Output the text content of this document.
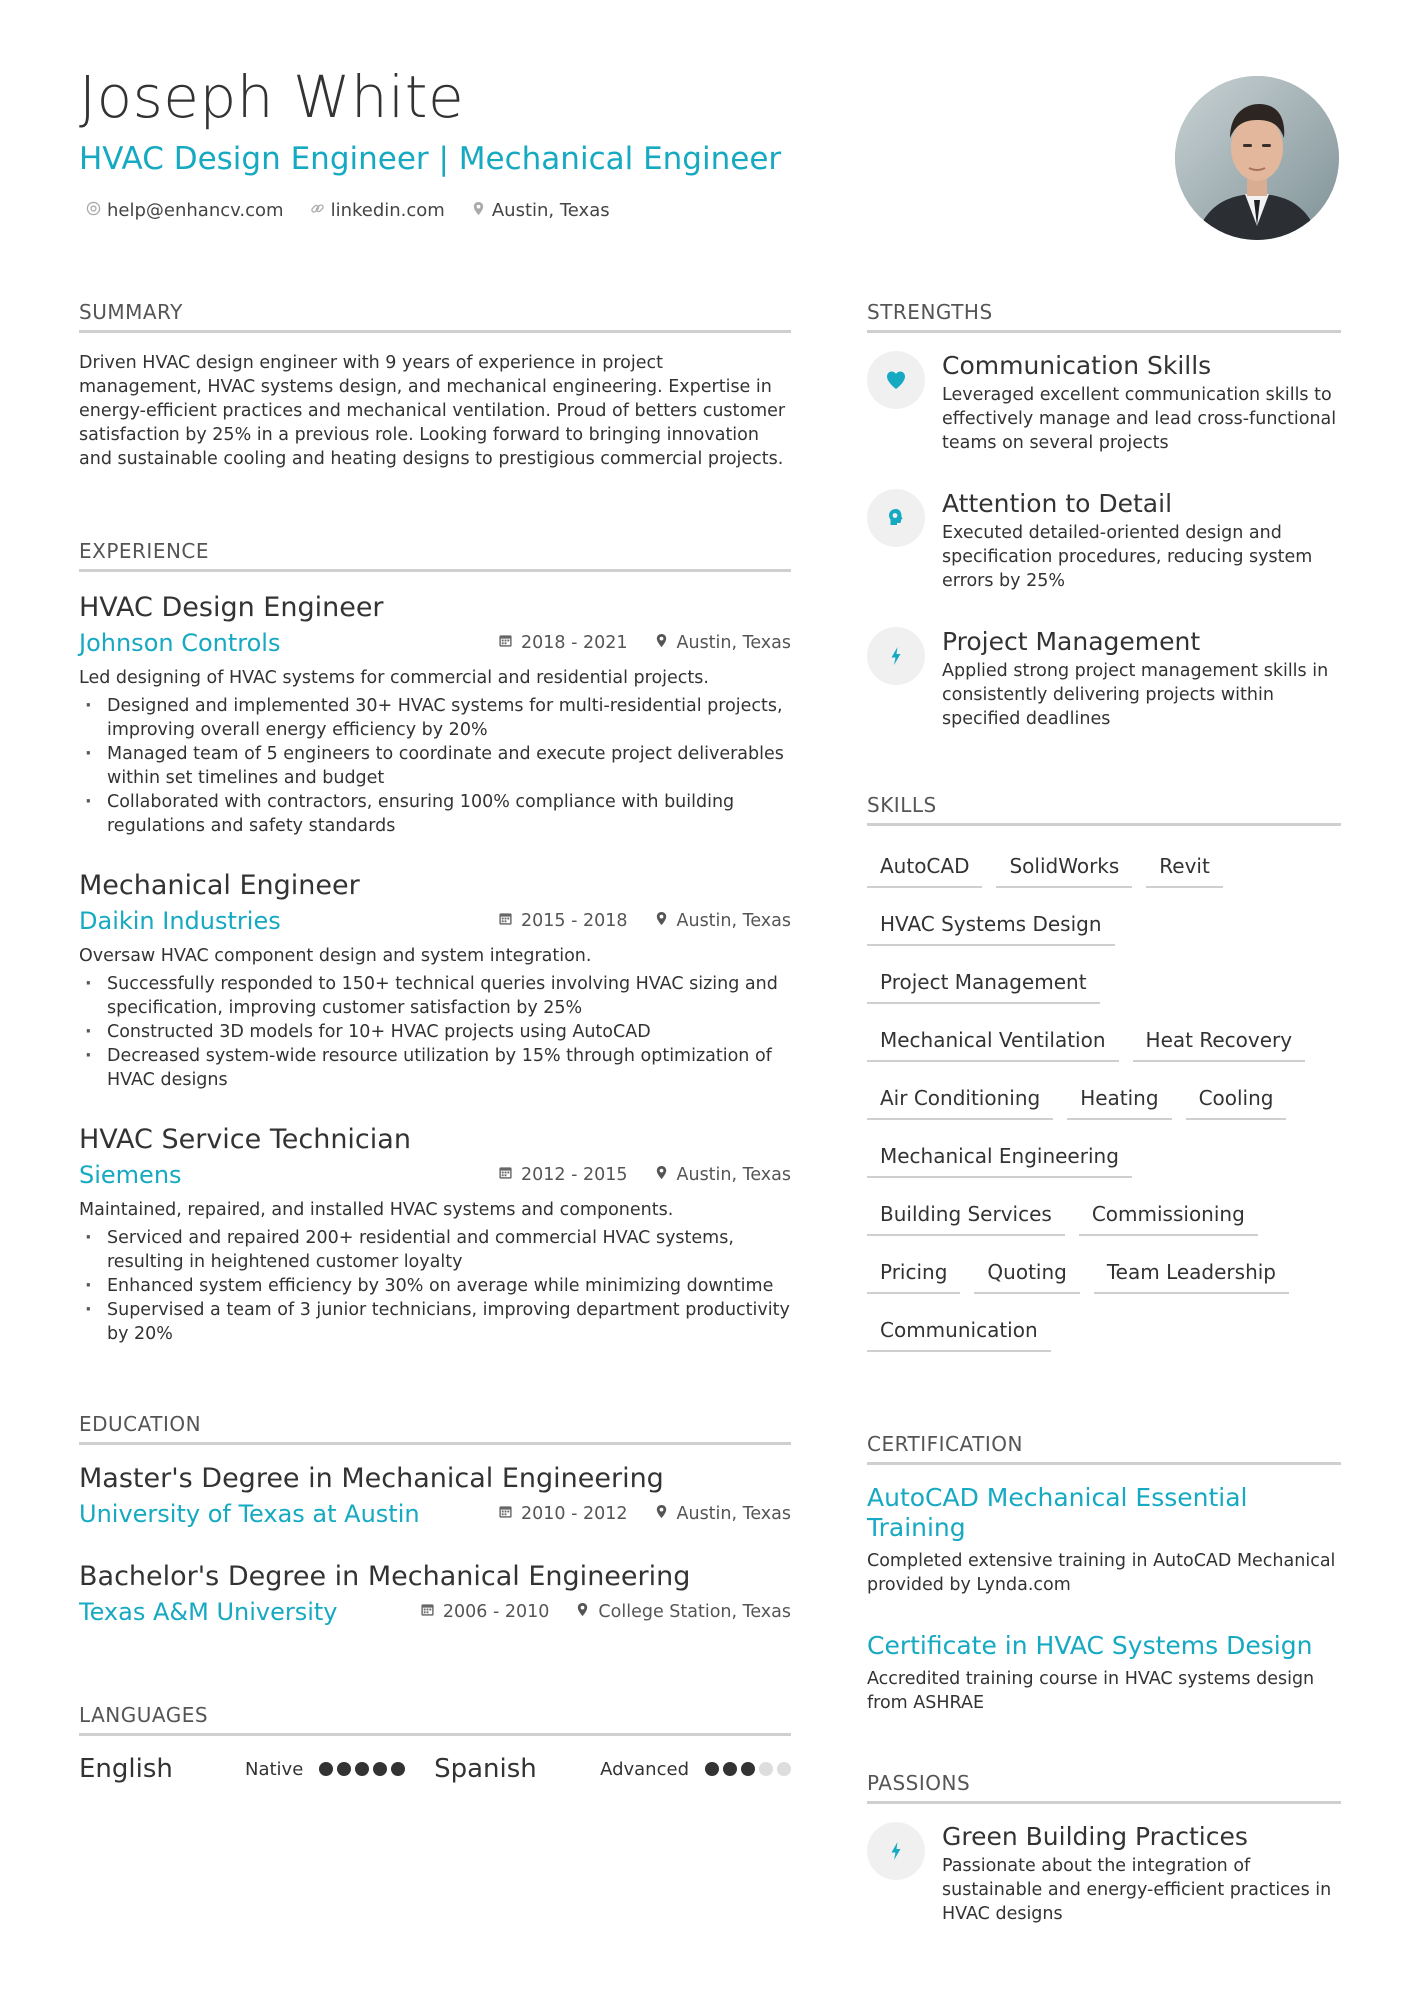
Joseph White
HVAC Design Engineer | Mechanical Engineer
help@enhancv.com	linkedin.com	Austin, Texas
SUMMARY
Driven HVAC design engineer with 9 years of experience in project management, HVAC systems design, and mechanical engineering. Expertise in energy-efficient practices and mechanical ventilation. Proud of betters customer satisfaction by 25% in a previous role. Looking forward to bringing innovation and sustainable cooling and heating designs to prestigious commercial projects.
EXPERIENCE
HVAC Design Engineer
Johnson Controls	2018 - 2021	Austin, Texas
Led designing of HVAC systems for commercial and residential projects.
· Designed and implemented 30+ HVAC systems for multi-residential projects, improving overall energy efficiency by 20%
· Managed team of 5 engineers to coordinate and execute project deliverables within set timelines and budget
· Collaborated with contractors, ensuring 100% compliance with building regulations and safety standards
Mechanical Engineer
Daikin Industries	2015 - 2018	Austin, Texas
Oversaw HVAC component design and system integration.
· Successfully responded to 150+ technical queries involving HVAC sizing and specification, improving customer satisfaction by 25%
· Constructed 3D models for 10+ HVAC projects using AutoCAD
· Decreased system-wide resource utilization by 15% through optimization of HVAC designs
HVAC Service Technician
Siemens	2012 - 2015	Austin, Texas
Maintained, repaired, and installed HVAC systems and components.
· Serviced and repaired 200+ residential and commercial HVAC systems, resulting in heightened customer loyalty
· Enhanced system efficiency by 30% on average while minimizing downtime
· Supervised a team of 3 junior technicians, improving department productivity by 20%
EDUCATION
Master's Degree in Mechanical Engineering
University of Texas at Austin	2010 - 2012	Austin, Texas
Bachelor's Degree in Mechanical Engineering
Texas A&M University	2006 - 2010	College Station, Texas
LANGUAGES
English	Native	Spanish	Advanced
STRENGTHS
Communication Skills
Leveraged excellent communication skills to effectively manage and lead cross-functional teams on several projects
Attention to Detail
Executed detailed-oriented design and specification procedures, reducing system errors by 25%
Project Management
Applied strong project management skills in consistently delivering projects within specified deadlines
SKILLS
AutoCAD	SolidWorks	Revit
HVAC Systems Design
Project Management
Mechanical Ventilation	Heat Recovery
Air Conditioning	Heating	Cooling
Mechanical Engineering
Building Services	Commissioning
Pricing	Quoting	Team Leadership
Communication
CERTIFICATION
AutoCAD Mechanical Essential Training
Completed extensive training in AutoCAD Mechanical provided by Lynda.com
Certificate in HVAC Systems Design
Accredited training course in HVAC systems design from ASHRAE
PASSIONS
Green Building Practices
Passionate about the integration of sustainable and energy-efficient practices in HVAC designs
